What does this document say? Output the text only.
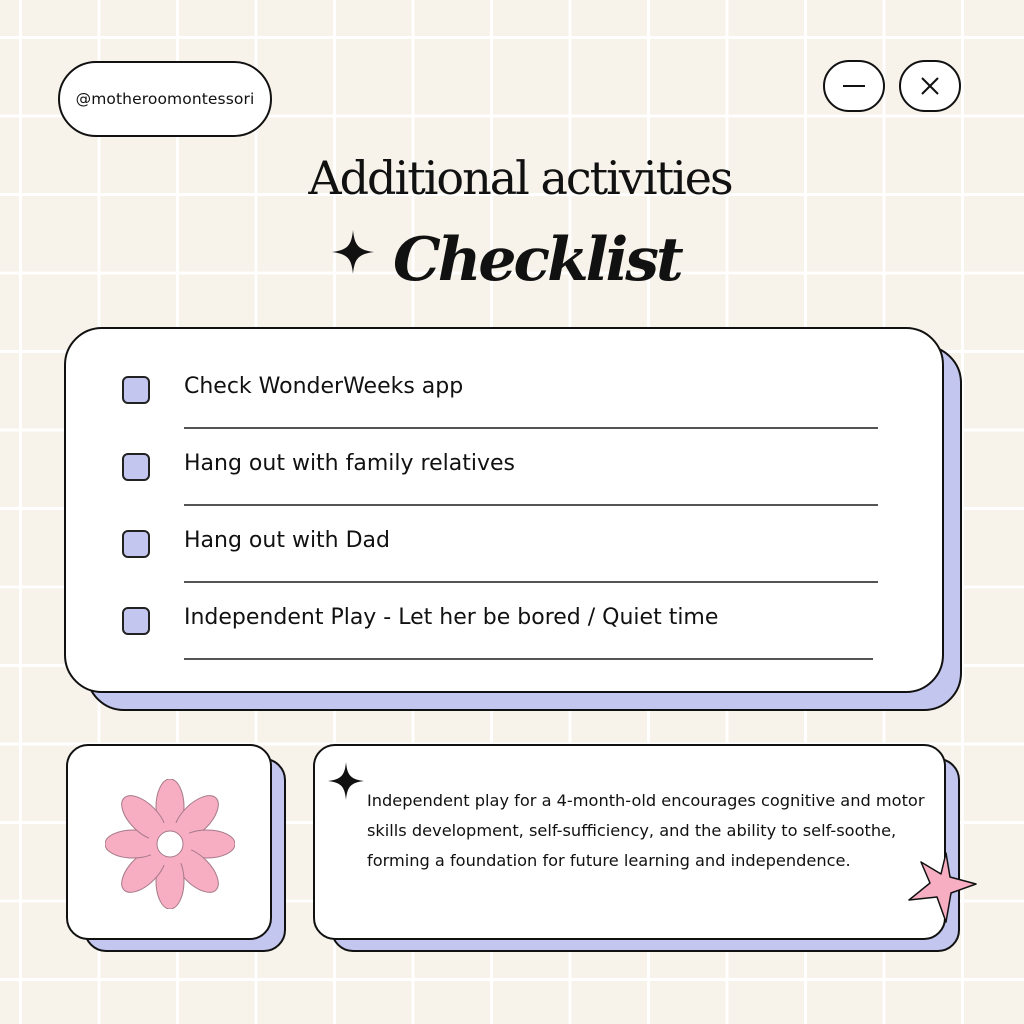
@motheroomontessori
Additional activities
Checklist
Check WonderWeeks app
Hang out with family relatives
Hang out with Dad
Independent Play - Let her be bored / Quiet time
Independent play for a 4-month-old encourages cognitive and motor skills development, self-sufficiency, and the ability to self-soothe, forming a foundation for future learning and independence.
